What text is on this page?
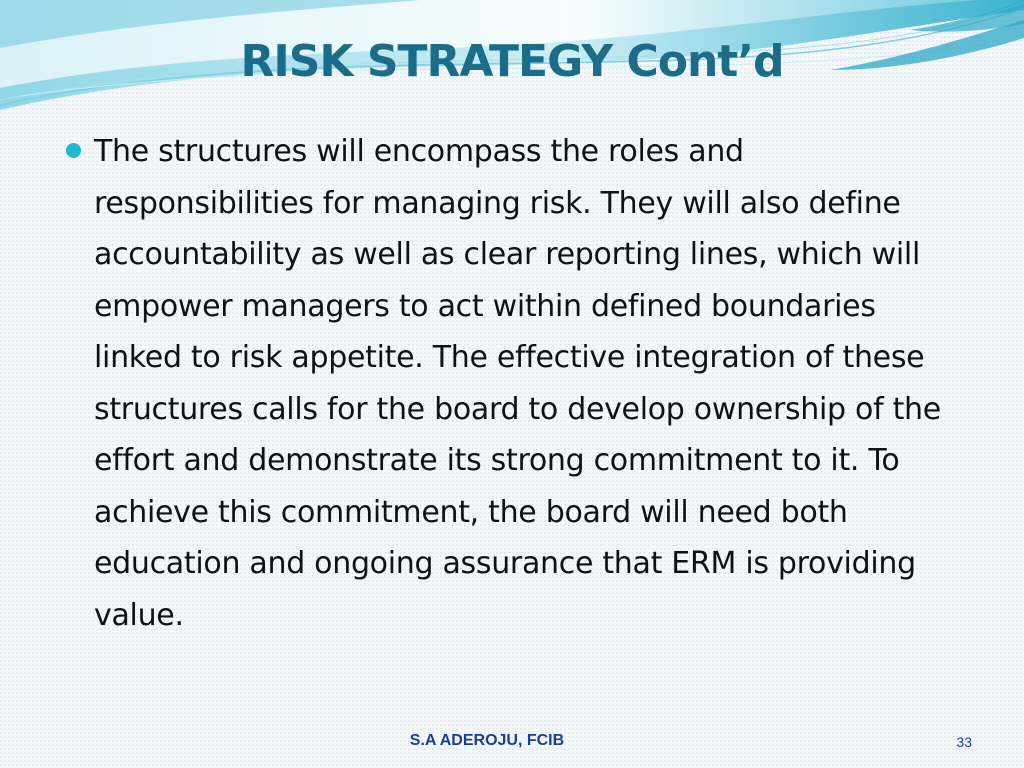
RISK STRATEGY Cont’d

The structures will encompass the roles and responsibilities for managing risk. They will also define accountability as well as clear reporting lines, which will empower managers to act within defined boundaries linked to risk appetite. The effective integration of these structures calls for the board to develop ownership of the effort and demonstrate its strong commitment to it. To achieve this commitment, the board will need both education and ongoing assurance that ERM is providing value.

S.A ADEROJU, FCIB	33
